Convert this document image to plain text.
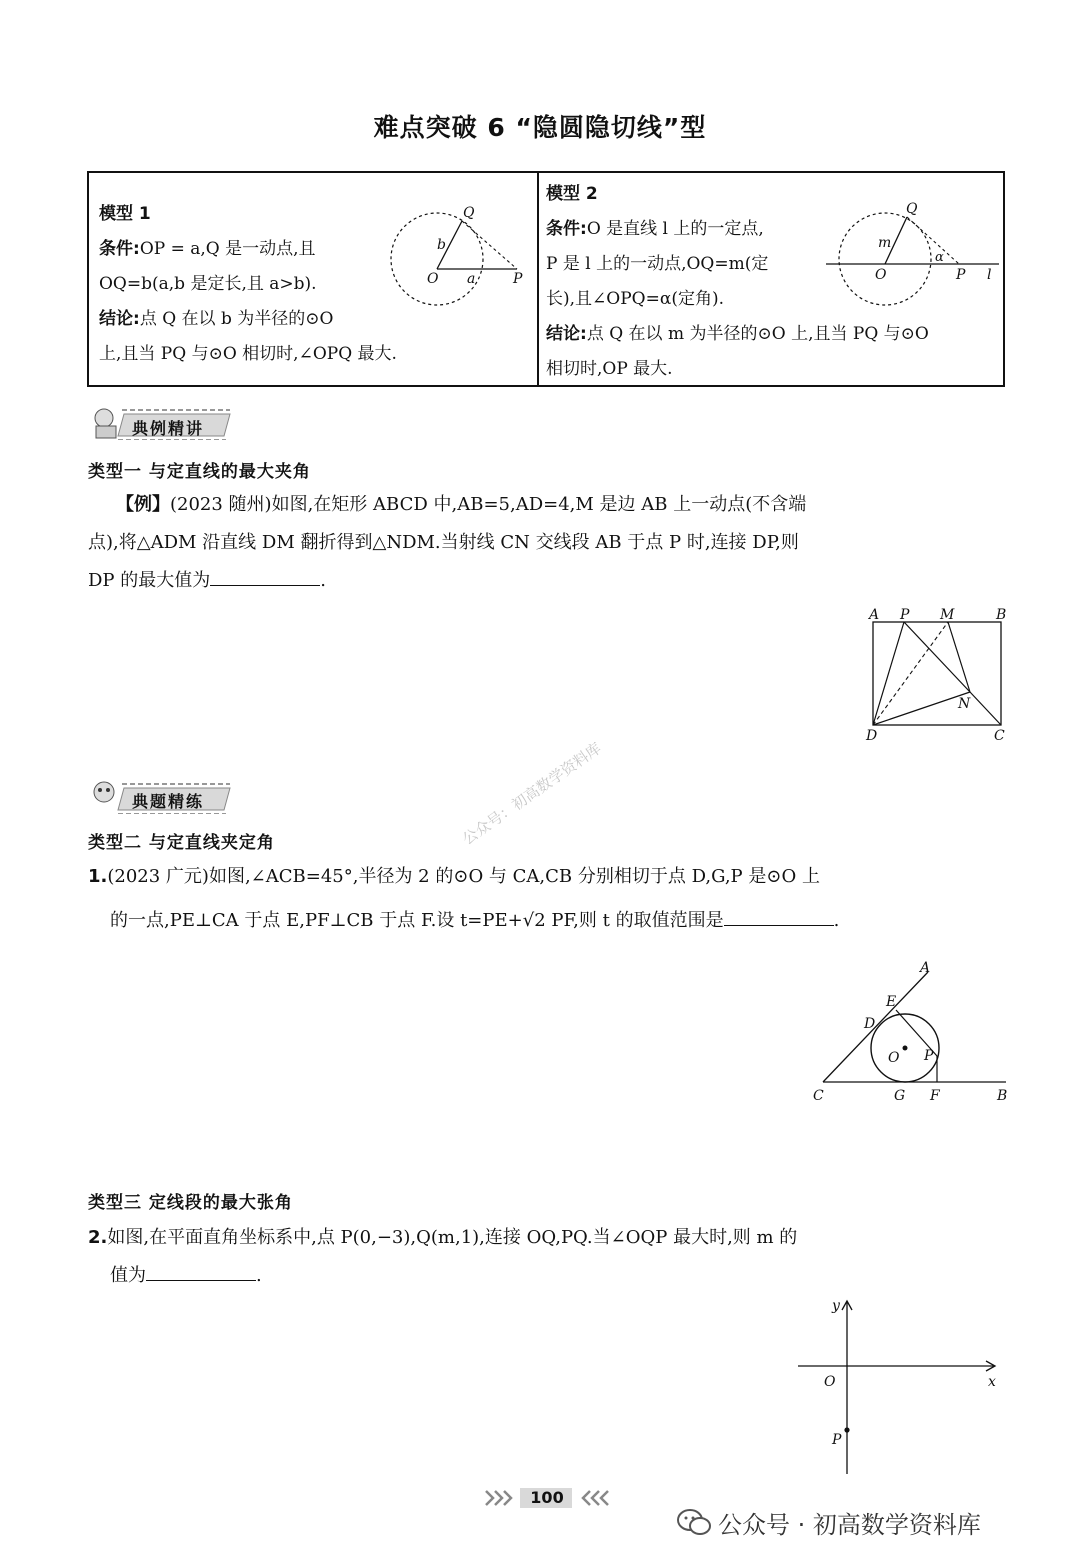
难点突破 6 “隐圆隐切线”型
模型 1
条件:OP = a,Q 是一动点,且
OQ=b(a,b 是定长,且 a>b).
结论:点 Q 在以 b 为半径的⊙O
上,且当 PQ 与⊙O 相切时,∠OPQ 最大.
Q
b
O a	P
模型 2
条件:O 是直线 l 上的一定点,
P 是 l 上的一动点,OQ=m(定
长),且∠OPQ=α(定角).
结论:点 Q 在以 m 为半径的⊙O 上,且当 PQ 与⊙O
相切时,OP 最大.
Q
m
α
O	P l
典例精讲
类型一 与定直线的最大夹角
【例】(2023 随州)如图,在矩形 ABCD 中,AB=5,AD=4,M 是边 AB 上一动点(不含端
点),将△ADM 沿直线 DM 翻折得到△NDM.当射线 CN 交线段 AB 于点 P 时,连接 DP,则
DP 的最大值为	.
A P M	B
N
D	C
公众号：初高数学资料库
典题精练
类型二 与定直线夹定角
1.(2023 广元)如图,∠ACB=45°,半径为 2 的⊙O 与 CA,CB 分别相切于点 D,G,P 是⊙O 上
的一点,PE⊥CA 于点 E,PF⊥CB 于点 F.设 t=PE+√2 PF,则 t 的取值范围是	.
A
E
D
O P
C	G F	B
类型三 定线段的最大张角
2.如图,在平面直角坐标系中,点 P(0,−3),Q(m,1),连接 OQ,PQ.当∠OQP 最大时,则 m 的
值为	.
y
O	x
P
100
公众号 · 初高数学资料库
